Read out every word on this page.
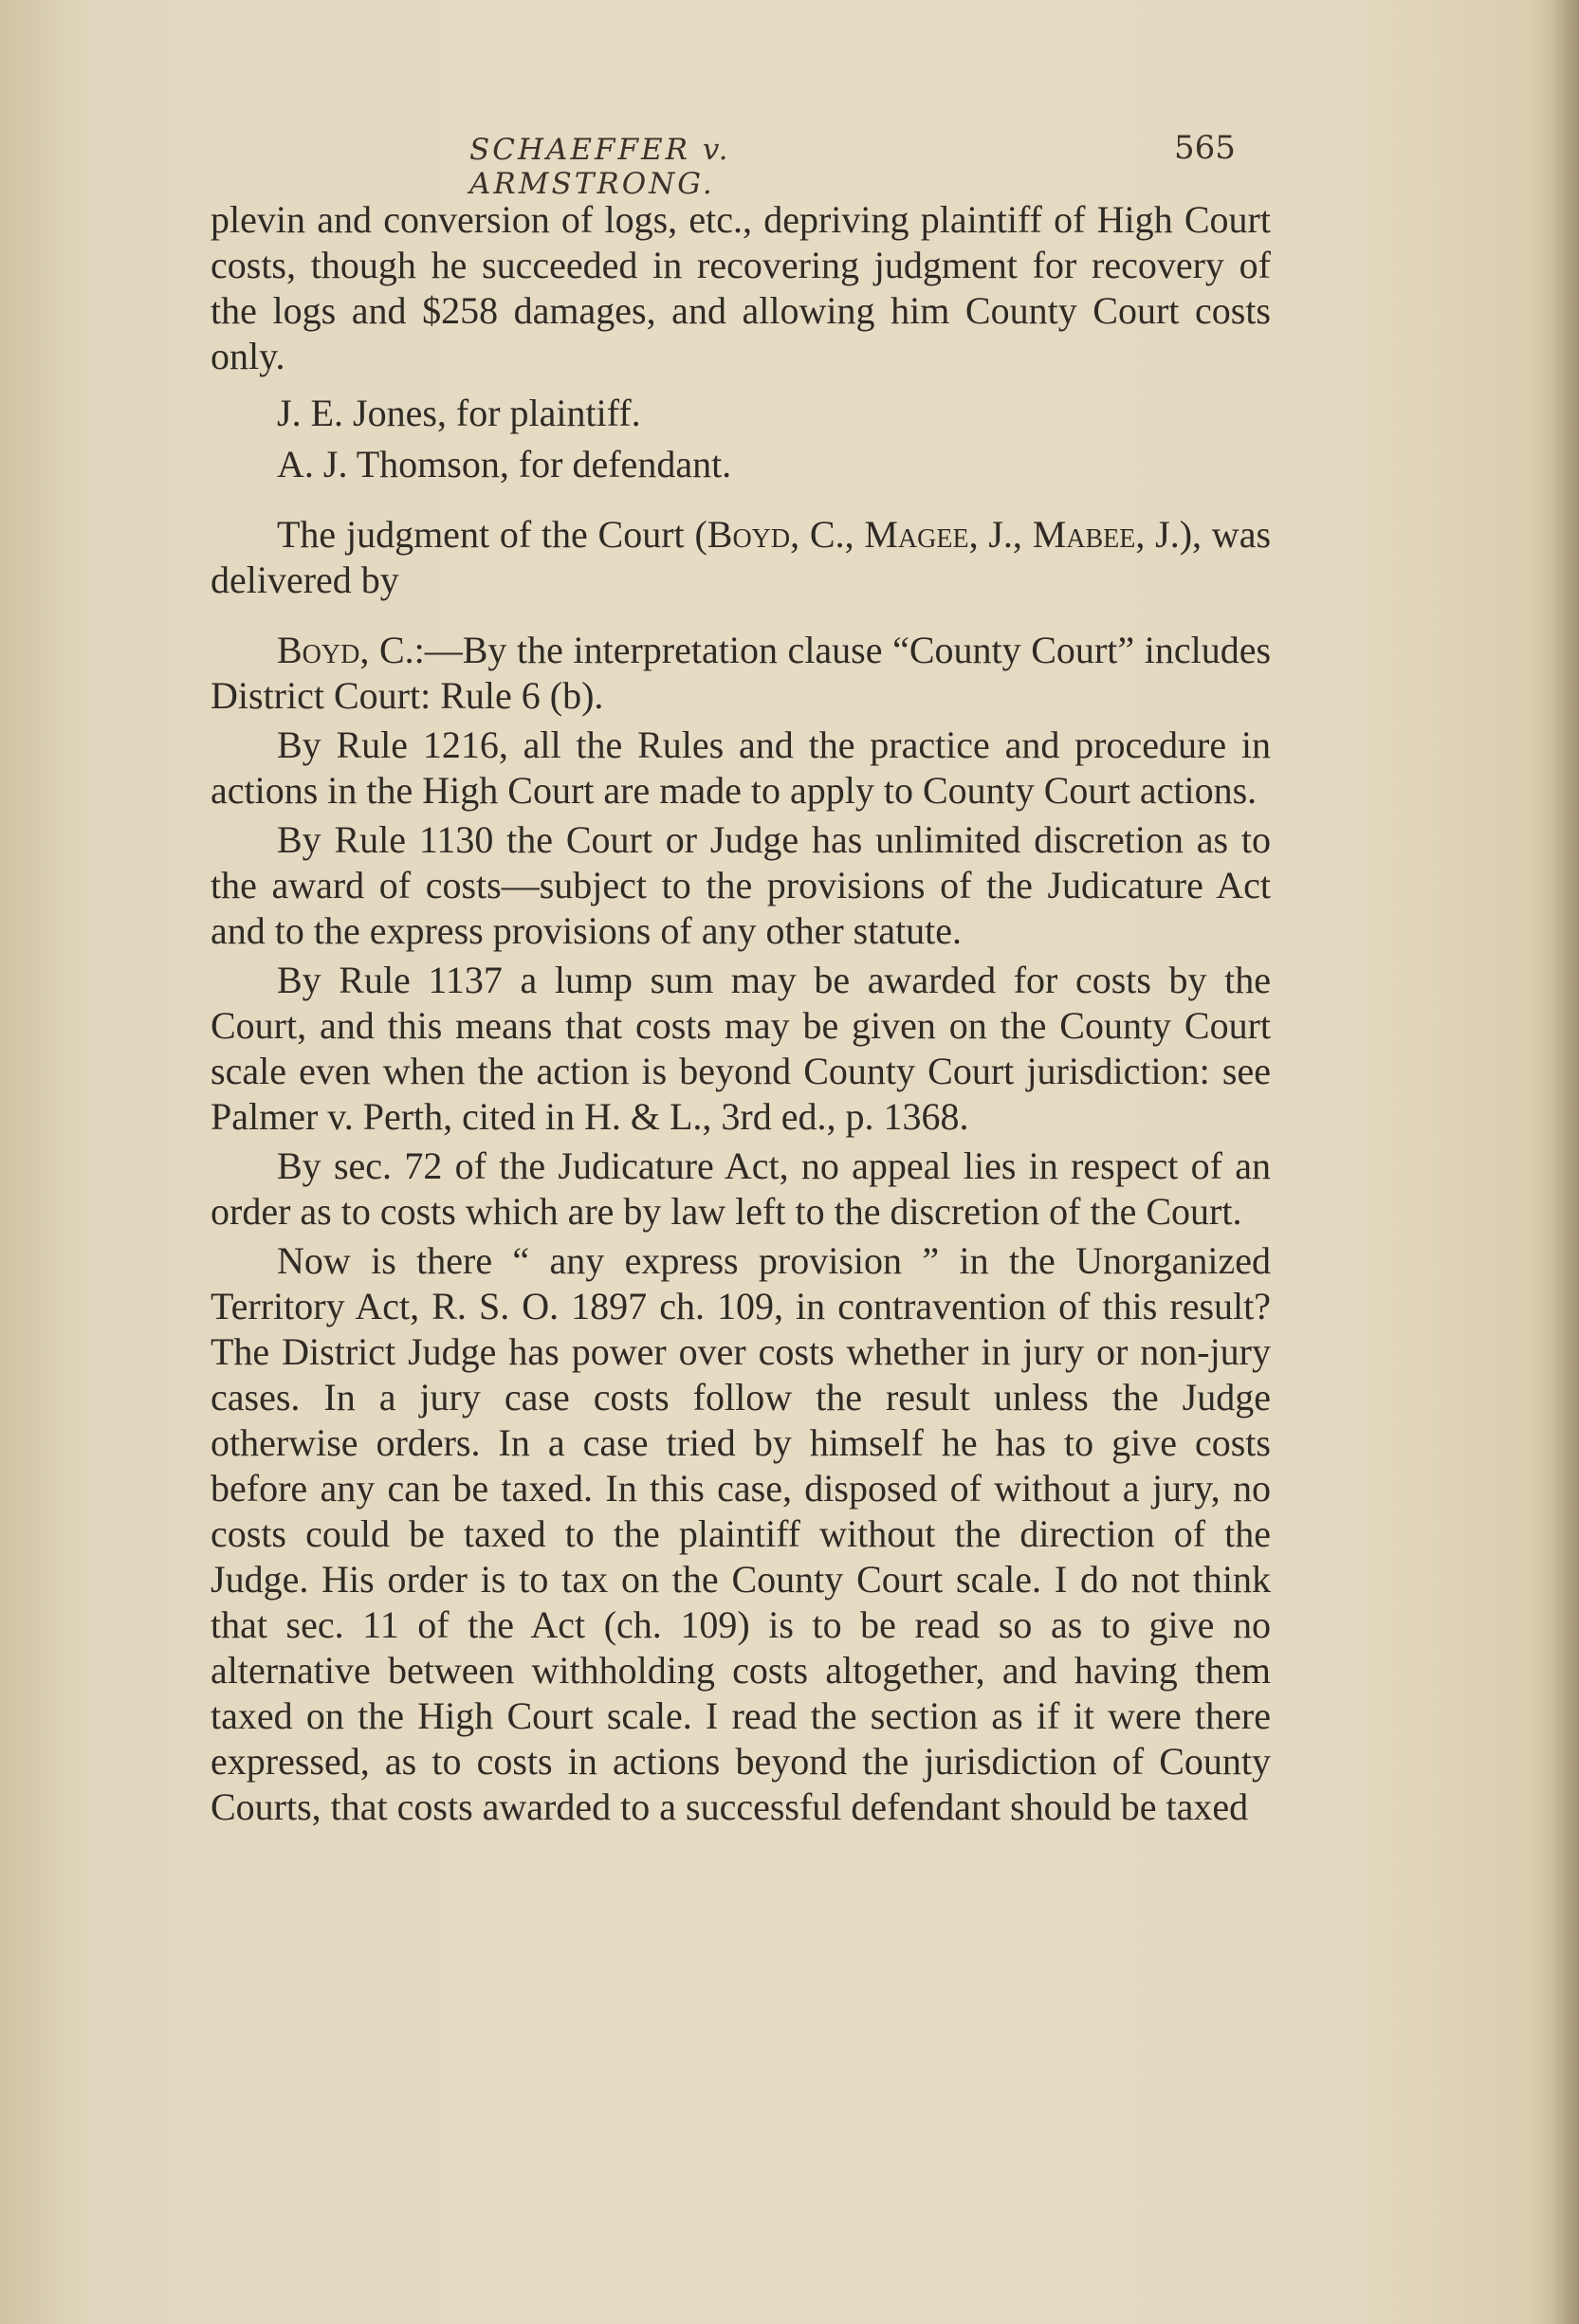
SCHAEFFER v. ARMSTRONG.
565

plevin and conversion of logs, etc., depriving plaintiff of High Court costs, though he succeeded in recovering judgment for recovery of the logs and $258 damages, and allowing him County Court costs only.

J. E. Jones, for plaintiff.

A. J. Thomson, for defendant.

The judgment of the Court (Boyd, C., Magee, J., Mabee, J.), was delivered by

Boyd, C.:—By the interpretation clause “County Court” includes District Court: Rule 6 (b).

By Rule 1216, all the Rules and the practice and procedure in actions in the High Court are made to apply to County Court actions.

By Rule 1130 the Court or Judge has unlimited discretion as to the award of costs—subject to the provisions of the Judicature Act and to the express provisions of any other statute.

By Rule 1137 a lump sum may be awarded for costs by the Court, and this means that costs may be given on the County Court scale even when the action is beyond County Court jurisdiction: see Palmer v. Perth, cited in H. & L., 3rd ed., p. 1368.

By sec. 72 of the Judicature Act, no appeal lies in respect of an order as to costs which are by law left to the discretion of the Court.

Now is there “ any express provision ” in the Unorganized Territory Act, R. S. O. 1897 ch. 109, in contravention of this result? The District Judge has power over costs whether in jury or non-jury cases. In a jury case costs follow the result unless the Judge otherwise orders. In a case tried by himself he has to give costs before any can be taxed. In this case, disposed of without a jury, no costs could be taxed to the plaintiff without the direction of the Judge. His order is to tax on the County Court scale. I do not think that sec. 11 of the Act (ch. 109) is to be read so as to give no alternative between withholding costs altogether, and having them taxed on the High Court scale. I read the section as if it were there expressed, as to costs in actions beyond the jurisdiction of County Courts, that costs awarded to a successful defendant should be taxed
